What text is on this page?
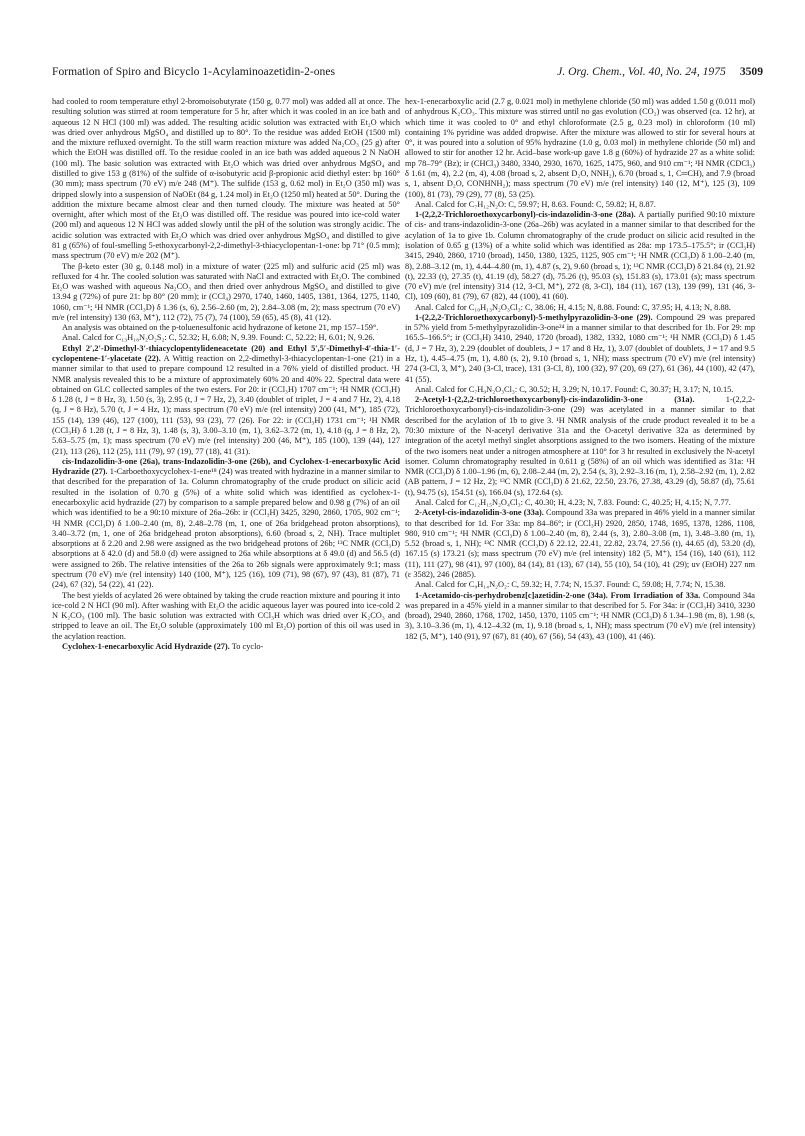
Formation of Spiro and Bicyclo 1-Acylaminoazetidin-2-ones	J. Org. Chem., Vol. 40, No. 24, 1975 3509

had cooled to room temperature ethyl 2-bromoisobutyrate (150 g, 0.77 mol) was added all at once. The resulting solution was stirred at room temperature for 5 hr, after which it was cooled in an ice bath and aqueous 12 N HCl (100 ml) was added. The resulting acidic solution was extracted with Et₂O which was dried over anhydrous MgSO₄ and distilled up to 80°. To the residue was added EtOH (1500 ml) and the mixture refluxed overnight. To the still warm reaction mixture was added Na₂CO₃ (25 g) after which the EtOH was distilled off. To the residue cooled in an ice bath was added aqueous 2 N NaOH (100 ml). The basic solution was extracted with Et₂O which was dried over anhydrous MgSO₄ and distilled to give 153 g (81%) of the sulfide of α-isobutyric acid β-propionic acid diethyl ester: bp 160° (30 mm); mass spectrum (70 eV) m/e 248 (M⁺). The sulfide (153 g, 0.62 mol) in Et₂O (350 ml) was dripped slowly into a suspension of NaOEt (84 g, 1.24 mol) in Et₂O (1250 ml) heated at 50°. During the addition the mixture became almost clear and then turned cloudy. The mixture was heated at 50° overnight, after which most of the Et₂O was distilled off. The residue was poured into ice-cold water (200 ml) and aqueous 12 N HCl was added slowly until the pH of the solution was strongly acidic. The acidic solution was extracted with Et₂O which was dried over anhydrous MgSO₄ and distilled to give 81 g (65%) of foul-smelling 5-ethoxycarbonyl-2,2-dimethyl-3-thiacyclopentan-1-one: bp 71° (0.5 mm); mass spectrum (70 eV) m/e 202 (M⁺).

The β-keto ester (30 g, 0.148 mol) in a mixture of water (225 ml) and sulfuric acid (25 ml) was refluxed for 4 hr. The cooled solution was saturated with NaCl and extracted with Et₂O. The combined Et₂O was washed with aqueous Na₂CO₃ and then dried over anhydrous MgSO₄ and distilled to give 13.94 g (72%) of pure 21: bp 80° (20 mm); ir (CCl₄) 2970, 1740, 1460, 1405, 1381, 1364, 1275, 1140, 1060, cm⁻¹; ¹H NMR (CCl₃D) δ 1.36 (s, 6), 2.56–2.60 (m, 2), 2.84–3.08 (m, 2); mass spectrum (70 eV) m/e (rel intensity) 130 (63, M⁺), 112 (72), 75 (7), 74 (100), 59 (65), 45 (8), 41 (12).

An analysis was obtained on the p-toluenesulfonic acid hydrazone of ketone 21, mp 157–159°.

Anal. Calcd for C₁₃H₁₈N₂O₂S₂: C, 52.32; H, 6.08; N, 9.39. Found: C, 52.22; H, 6.01; N, 9.26.

Ethyl 2′,2′-Dimethyl-3′-thiacyclopentylideneacetate (20) and Ethyl 5′,5′-Dimethyl-4′-thia-1′-cyclopentene-1′-ylacetate (22). A Wittig reaction on 2,2-dimethyl-3-thiacyclopentan-1-one (21) in a manner similar to that used to prepare compound 12 resulted in a 76% yield of distilled product. ¹H NMR analysis revealed this to be a mixture of approximately 60% 20 and 40% 22. Spectral data were obtained on GLC collected samples of the two esters. For 20: ir (CCl₃H) 1707 cm⁻¹; ¹H NMR (CCl₃H) δ 1.28 (t, J = 8 Hz, 3), 1.50 (s, 3), 2.95 (t, J = 7 Hz, 2), 3.40 (doublet of triplet, J = 4 and 7 Hz, 2), 4.18 (q, J = 8 Hz), 5.70 (t, J = 4 Hz, 1); mass spectrum (70 eV) m/e (rel intensity) 200 (41, M⁺), 185 (72), 155 (14), 139 (46), 127 (100), 111 (53), 93 (23), 77 (26). For 22: ir (CCl₃H) 1731 cm⁻¹; ¹H NMR (CCl₃H) δ 1.28 (t, J = 8 Hz, 3), 1.48 (s, 3), 3.00–3.10 (m, 1), 3.62–3.72 (m, 1), 4.18 (q, J = 8 Hz, 2), 5.63–5.75 (m, 1); mass spectrum (70 eV) m/e (rel intensity) 200 (46, M⁺), 185 (100), 139 (44), 127 (21), 113 (26), 112 (25), 111 (79), 97 (19), 77 (18), 41 (31).

cis-Indazolidin-3-one (26a), trans-Indazolidin-3-one (26b), and Cyclohex-1-enecarboxylic Acid Hydrazide (27). 1-Carboethoxycyclohex-1-ene¹⁸ (24) was treated with hydrazine in a manner similar to that described for the preparation of 1a. Column chromatography of the crude product on silicic acid resulted in the isolation of 0.70 g (5%) of a white solid which was identified as cyclohex-1-enecarboxylic acid hydrazide (27) by comparison to a sample prepared below and 0.98 g (7%) of an oil which was identified to be a 90:10 mixture of 26a–26b: ir (CCl₃H) 3425, 3290, 2860, 1705, 902 cm⁻¹; ¹H NMR (CCl₃D) δ 1.00–2.40 (m, 8), 2.48–2.78 (m, 1, one of 26a bridgehead proton absorptions), 3.40–3.72 (m, 1, one of 26a bridgehead proton absorptions), 6.60 (broad s, 2, NH). Trace multiplet absorptions at δ 2.20 and 2.98 were assigned as the two bridgehead protons of 26b; ¹³C NMR (CCl₃D) absorptions at δ 42.0 (d) and 58.0 (d) were assigned to 26a while absorptions at δ 49.0 (d) and 56.5 (d) were assigned to 26b. The relative intensities of the 26a to 26b signals were approximately 9:1; mass spectrum (70 eV) m/e (rel intensity) 140 (100, M⁺), 125 (16), 109 (71), 98 (67), 97 (43), 81 (87), 71 (24), 67 (32), 54 (22), 41 (22).

The best yields of acylated 26 were obtained by taking the crude reaction mixture and pouring it into ice-cold 2 N HCl (90 ml). After washing with Et₂O the acidic aqueous layer was poured into ice-cold 2 N K₂CO₃ (100 ml). The basic solution was extracted with CCl₃H which was dried over K₂CO₃ and stripped to leave an oil. The Et₂O soluble (approximately 100 ml Et₂O) portion of this oil was used in the acylation reaction.

Cyclohex-1-enecarboxylic Acid Hydrazide (27). To cyclo-

hex-1-enecarboxylic acid (2.7 g, 0.021 mol) in methylene chloride (50 ml) was added 1.50 g (0.011 mol) of anhydrous K₂CO₃. This mixture was stirred until no gas evolution (CO₂) was observed (ca. 12 hr), at which time it was cooled to 0° and ethyl chloroformate (2.5 g, 0.23 mol) in chloroform (10 ml) containing 1% pyridine was added dropwise. After the mixture was allowed to stir for several hours at 0°, it was poured into a solution of 95% hydrazine (1.0 g, 0.03 mol) in methylene chloride (50 ml) and allowed to stir for another 12 hr. Acid–base work-up gave 1.8 g (60%) of hydrazide 27 as a white solid: mp 78–79° (Bz); ir (CHCl₃) 3480, 3340, 2930, 1670, 1625, 1475, 960, and 910 cm⁻¹; ¹H NMR (CDCl₃) δ 1.61 (m, 4), 2.2 (m, 4), 4.08 (broad s, 2, absent D₂O, NNH₂), 6.70 (broad s, 1, C═CH), and 7.9 (broad s, 1, absent D₂O, CONHNH₂); mass spectrum (70 eV) m/e (rel intensity) 140 (12, M⁺), 125 (3), 109 (100), 81 (73), 79 (29), 77 (8), 53 (25).

Anal. Calcd for C₇H₁₂N₂O: C, 59.97; H, 8.63. Found: C, 59.82; H, 8.87.

1-(2,2,2-Trichloroethoxycarbonyl)-cis-indazolidin-3-one (28a). A partially purified 90:10 mixture of cis- and trans-indazolidin-3-one (26a–26b) was acylated in a manner similar to that described for the acylation of 1a to give 1b. Column chromatography of the crude product on silicic acid resulted in the isolation of 0.65 g (13%) of a white solid which was identified as 28a: mp 173.5–175.5°; ir (CCl₃H) 3415, 2940, 2860, 1710 (broad), 1450, 1380, 1325, 1125, 905 cm⁻¹; ¹H NMR (CCl₃D) δ 1.00–2.40 (m, 8), 2.88–3.12 (m, 1), 4.44–4.80 (m, 1), 4.87 (s, 2), 9.60 (broad s, 1); ¹³C NMR (CCl₃D) δ 21.84 (t), 21.92 (t), 22.33 (t), 27.35 (t), 41.19 (d), 58.27 (d), 75.26 (t), 95.03 (s), 151.83 (s), 173.01 (s); mass spectrum (70 eV) m/e (rel intensity) 314 (12, 3-Cl, M⁺), 272 (8, 3-Cl), 184 (11), 167 (13), 139 (99), 131 (46, 3-Cl), 109 (60), 81 (79), 67 (82), 44 (100), 41 (60).

Anal. Calcd for C₁₀H₁₃N₂O₃Cl₃: C, 38.06; H, 4.15; N, 8.88. Found: C, 37.95; H, 4.13; N, 8.88.

1-(2,2,2-Trichloroethoxycarbonyl)-5-methylpyrazolidin-3-one (29). Compound 29 was prepared in 57% yield from 5-methylpyrazolidin-3-one²⁴ in a manner similar to that described for 1b. For 29: mp 165.5–166.5°; ir (CCl₃H) 3410, 2940, 1720 (broad), 1382, 1332, 1080 cm⁻¹; ¹H NMR (CCl₃D) δ 1.45 (d, J = 7 Hz, 3), 2.29 (doublet of doublets, J = 17 and 8 Hz, 1), 3.07 (doublet of doublets, J = 17 and 9.5 Hz, 1), 4.45–4.75 (m, 1), 4.80 (s, 2), 9.10 (broad s, 1, NH); mass spectrum (70 eV) m/e (rel intensity) 274 (3-Cl, 3, M⁺), 240 (3-Cl, trace), 131 (3-Cl, 8), 100 (32), 97 (20), 69 (27), 61 (36), 44 (100), 42 (47), 41 (55).

Anal. Calcd for C₇H₉N₂O₃Cl₃: C, 30.52; H, 3.29; N, 10.17. Found: C, 30.37; H, 3.17; N, 10.15.

2-Acetyl-1-(2,2,2-trichloroethoxycarbonyl)-cis-indazolidin-3-one (31a). 1-(2,2,2-Trichloroethoxycarbonyl)-cis-indazolidin-3-one (29) was acetylated in a manner similar to that described for the acylation of 1b to give 3. ¹H NMR analysis of the crude product revealed it to be a 70:30 mixture of the N-acetyl derivative 31a and the O-acetyl derivative 32a as determined by integration of the acetyl methyl singlet absorptions assigned to the two isomers. Heating of the mixture of the two isomers neat under a nitrogen atmosphere at 110° for 3 hr resulted in exclusively the N-acetyl isomer. Column chromatography resulted in 0.611 g (58%) of an oil which was identified as 31a: ¹H NMR (CCl₃D) δ 1.00–1.96 (m, 6), 2.08–2.44 (m, 2), 2.54 (s, 3), 2.92–3.16 (m, 1), 2.58–2.92 (m, 1), 2.82 (AB pattern, J = 12 Hz, 2); ¹³C NMR (CCl₃D) δ 21.62, 22.50, 23.76, 27.38, 43.29 (d), 58.87 (d), 75.61 (t), 94.75 (s), 154.51 (s), 166.04 (s), 172.64 (s).

Anal. Calcd for C₁₂H₁₅N₂O₄Cl₃: C, 40.30; H, 4.23; N, 7.83. Found: C, 40.25; H, 4.15; N, 7.77.

2-Acetyl-cis-indazolidin-3-one (33a). Compound 33a was prepared in 46% yield in a manner similar to that described for 1d. For 33a: mp 84–86°; ir (CCl₃H) 2920, 2850, 1748, 1695, 1378, 1286, 1108, 980, 910 cm⁻¹; ¹H NMR (CCl₃D) δ 1.00–2.40 (m, 8), 2.44 (s, 3), 2.80–3.08 (m, 1), 3.48–3.80 (m, 1), 5.52 (broad s, 1, NH); ¹³C NMR (CCl₃D) δ 22.12, 22.41, 22.82, 23.74, 27.56 (t), 44.65 (d), 53.20 (d), 167.15 (s) 173.21 (s); mass spectrum (70 eV) m/e (rel intensity) 182 (5, M⁺), 154 (16), 140 (61), 112 (11), 111 (27), 98 (41), 97 (100), 84 (14), 81 (13), 67 (14), 55 (10), 54 (10), 41 (29); uv (EtOH) 227 nm (ε 3582), 246 (2885).

Anal. Calcd for C₉H₁₄N₂O₂: C, 59.32; H, 7.74; N, 15.37. Found: C, 59.08; H, 7.74; N, 15.38.

1-Acetamido-cis-perhydrobenz[c]azetidin-2-one (34a). From Irradiation of 33a. Compound 34a was prepared in a 45% yield in a manner similar to that described for 5. For 34a: ir (CCl₃H) 3410, 3230 (broad), 2940, 2860, 1768, 1702, 1450, 1370, 1105 cm⁻¹; ¹H NMR (CCl₃D) δ 1.34–1.98 (m, 8), 1.98 (s, 3), 3.10–3.36 (m, 1), 4.12–4.32 (m, 1), 9.18 (broad s, 1, NH); mass spectrum (70 eV) m/e (rel intensity) 182 (5, M⁺), 140 (91), 97 (67), 81 (40), 67 (56), 54 (43), 43 (100), 41 (46).
